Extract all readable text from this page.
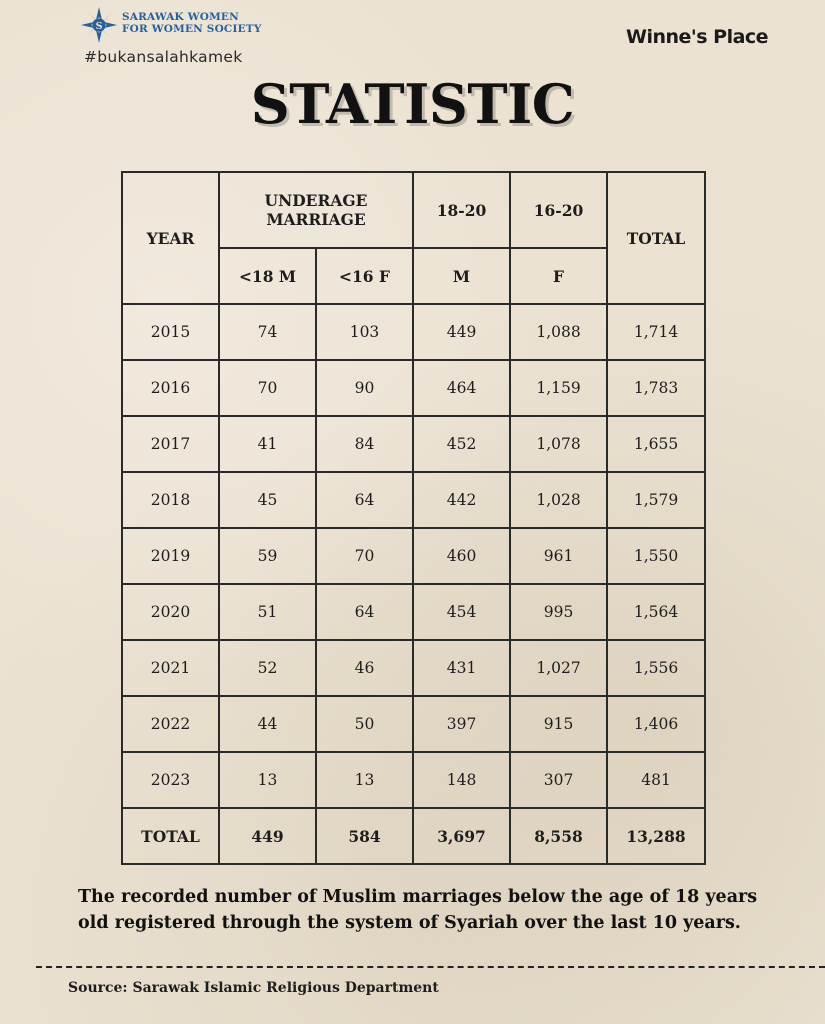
S
SARAWAK WOMEN
FOR WOMEN SOCIETY
#bukansalahkamek
Winne's Place
STATISTIC
YEAR	UNDERAGE MARRIAGE		18-20	16-20	TOTAL
	<18 M	<16 F	M	F	
2015	74	103	449	1,088	1,714
2016	70	90	464	1,159	1,783
2017	41	84	452	1,078	1,655
2018	45	64	442	1,028	1,579
2019	59	70	460	961	1,550
2020	51	64	454	995	1,564
2021	52	46	431	1,027	1,556
2022	44	50	397	915	1,406
2023	13	13	148	307	481
TOTAL	449	584	3,697	8,558	13,288
The recorded number of Muslim marriages below the age of 18 years old registered through the system of Syariah over the last 10 years.
Source: Sarawak Islamic Religious Department
